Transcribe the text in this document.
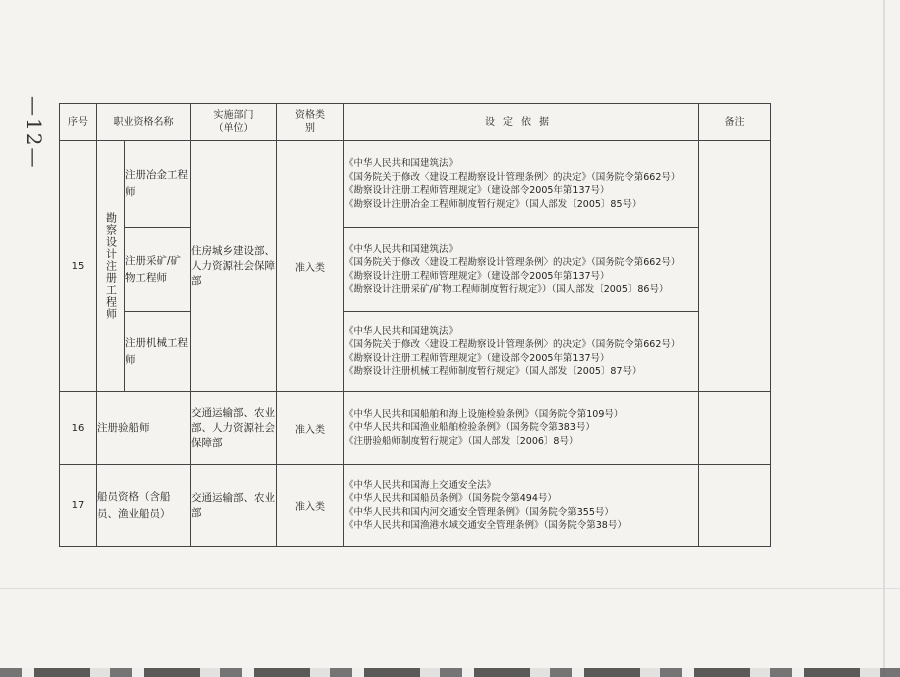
—12— 序号	职业资格名称		实施部门（单位）	资格类别	设定依据	备注
15	勘察设计注册工程师	注册冶金工程师	住房城乡建设部、人力资源社会保障部	准入类	《中华人民共和国建筑法》
《国务院关于修改〈建设工程勘察设计管理条例〉的决定》（国务院令第662号）
《勘察设计注册工程师管理规定》（建设部令2005年第137号）
《勘察设计注册冶金工程师制度暂行规定》（国人部发〔2005〕85号）	

		注册采矿/矿物工程师			《中华人民共和国建筑法》
《国务院关于修改〈建设工程勘察设计管理条例〉的决定》（国务院令第662号）
《勘察设计注册工程师管理规定》（建设部令2005年第137号）
《勘察设计注册采矿/矿物工程师制度暂行规定》）（国人部发〔2005〕86号）	

		注册机械工程师			《中华人民共和国建筑法》
《国务院关于修改〈建设工程勘察设计管理条例〉的决定》（国务院令第662号）
《勘察设计注册工程师管理规定》（建设部令2005年第137号）
《勘察设计注册机械工程师制度暂行规定》（国人部发〔2005〕87号）	

16	注册验船师		交通运输部、农业部、人力资源社会保障部	准入类	《中华人民共和国船舶和海上设施检验条例》（国务院令第109号）
《中华人民共和国渔业船舶检验条例》（国务院令第383号）
《注册验船师制度暂行规定》（国人部发〔2006〕8号）	

17	船员资格（含船员、渔业船员）		交通运输部、农业部	准入类	《中华人民共和国海上交通安全法》
《中华人民共和国船员条例》（国务院令第494号）
《中华人民共和国内河交通安全管理条例》（国务院令第355号）
《中华人民共和国渔港水域交通安全管理条例》（国务院令第38号）	
